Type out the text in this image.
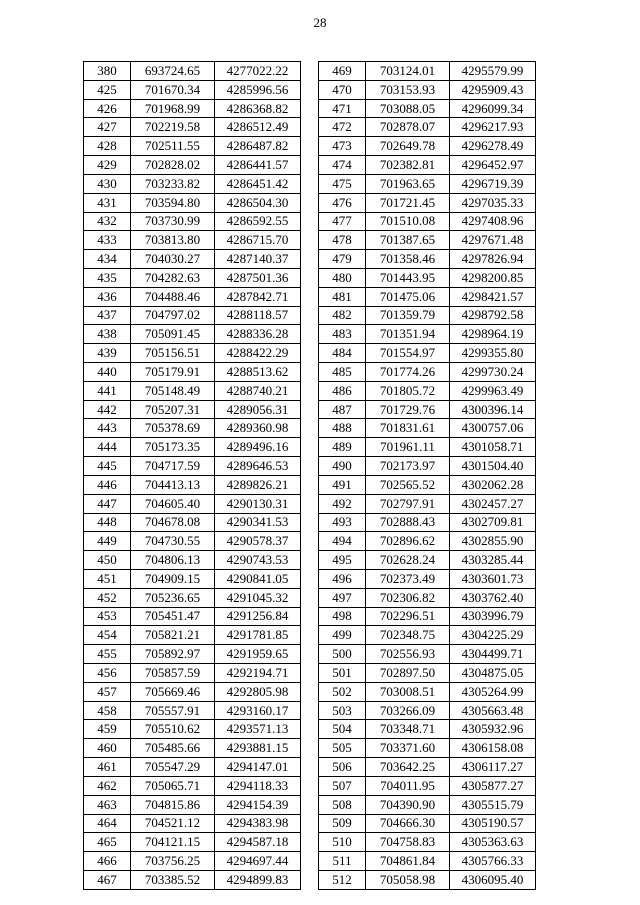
28
380	693724.65	4277022.22
425	701670.34	4285996.56
426	701968.99	4286368.82
427	702219.58	4286512.49
428	702511.55	4286487.82
429	702828.02	4286441.57
430	703233.82	4286451.42
431	703594.80	4286504.30
432	703730.99	4286592.55
433	703813.80	4286715.70
434	704030.27	4287140.37
435	704282.63	4287501.36
436	704488.46	4287842.71
437	704797.02	4288118.57
438	705091.45	4288336.28
439	705156.51	4288422.29
440	705179.91	4288513.62
441	705148.49	4288740.21
442	705207.31	4289056.31
443	705378.69	4289360.98
444	705173.35	4289496.16
445	704717.59	4289646.53
446	704413.13	4289826.21
447	704605.40	4290130.31
448	704678.08	4290341.53
449	704730.55	4290578.37
450	704806.13	4290743.53
451	704909.15	4290841.05
452	705236.65	4291045.32
453	705451.47	4291256.84
454	705821.21	4291781.85
455	705892.97	4291959.65
456	705857.59	4292194.71
457	705669.46	4292805.98
458	705557.91	4293160.17
459	705510.62	4293571.13
460	705485.66	4293881.15
461	705547.29	4294147.01
462	705065.71	4294118.33
463	704815.86	4294154.39
464	704521.12	4294383.98
465	704121.15	4294587.18
466	703756.25	4294697.44
467	703385.52	4294899.83
469	703124.01	4295579.99
470	703153.93	4295909.43
471	703088.05	4296099.34
472	702878.07	4296217.93
473	702649.78	4296278.49
474	702382.81	4296452.97
475	701963.65	4296719.39
476	701721.45	4297035.33
477	701510.08	4297408.96
478	701387.65	4297671.48
479	701358.46	4297826.94
480	701443.95	4298200.85
481	701475.06	4298421.57
482	701359.79	4298792.58
483	701351.94	4298964.19
484	701554.97	4299355.80
485	701774.26	4299730.24
486	701805.72	4299963.49
487	701729.76	4300396.14
488	701831.61	4300757.06
489	701961.11	4301058.71
490	702173.97	4301504.40
491	702565.52	4302062.28
492	702797.91	4302457.27
493	702888.43	4302709.81
494	702896.62	4302855.90
495	702628.24	4303285.44
496	702373.49	4303601.73
497	702306.82	4303762.40
498	702296.51	4303996.79
499	702348.75	4304225.29
500	702556.93	4304499.71
501	702897.50	4304875.05
502	703008.51	4305264.99
503	703266.09	4305663.48
504	703348.71	4305932.96
505	703371.60	4306158.08
506	703642.25	4306117.27
507	704011.95	4305877.27
508	704390.90	4305515.79
509	704666.30	4305190.57
510	704758.83	4305363.63
511	704861.84	4305766.33
512	705058.98	4306095.40
